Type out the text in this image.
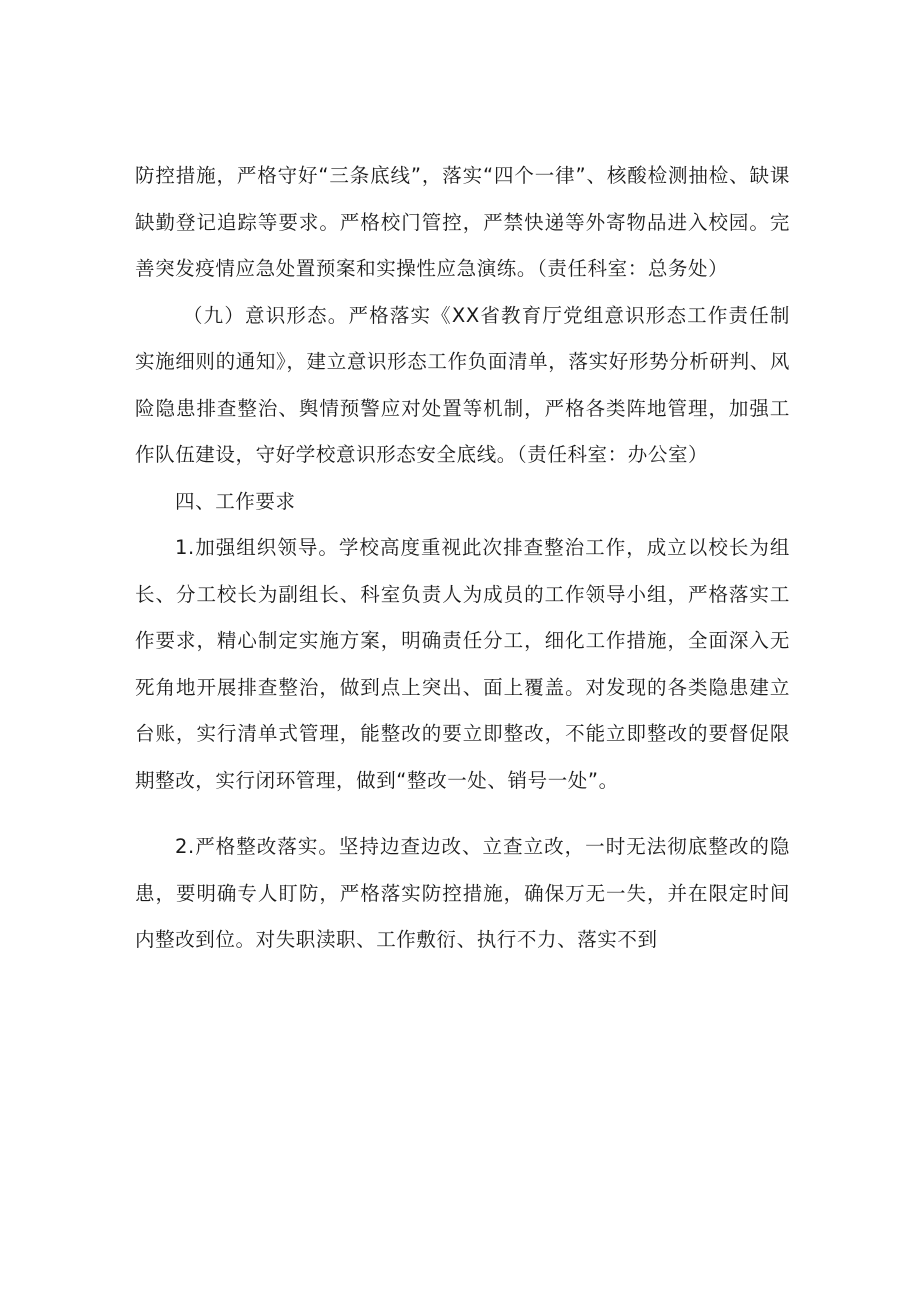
防控措施，严格守好“三条底线”，落实“四个一律”、核酸检测抽检、缺课缺勤登记追踪等要求。严格校门管控，严禁快递等外寄物品进入校园。完善突发疫情应急处置预案和实操性应急演练。（责任科室：总务处）

（九）意识形态。严格落实《XX省教育厅党组意识形态工作责任制实施细则的通知》，建立意识形态工作负面清单，落实好形势分析研判、风险隐患排查整治、舆情预警应对处置等机制，严格各类阵地管理，加强工作队伍建设，守好学校意识形态安全底线。（责任科室：办公室）

四、工作要求

1.加强组织领导。学校高度重视此次排查整治工作，成立以校长为组长、分工校长为副组长、科室负责人为成员的工作领导小组，严格落实工作要求，精心制定实施方案，明确责任分工，细化工作措施，全面深入无死角地开展排查整治，做到点上突出、面上覆盖。对发现的各类隐患建立台账，实行清单式管理，能整改的要立即整改，不能立即整改的要督促限期整改，实行闭环管理，做到“整改一处、销号一处”。

2.严格整改落实。坚持边查边改、立查立改，一时无法彻底整改的隐患，要明确专人盯防，严格落实防控措施，确保万无一失，并在限定时间内整改到位。对失职渎职、工作敷衍、执行不力、落实不到
